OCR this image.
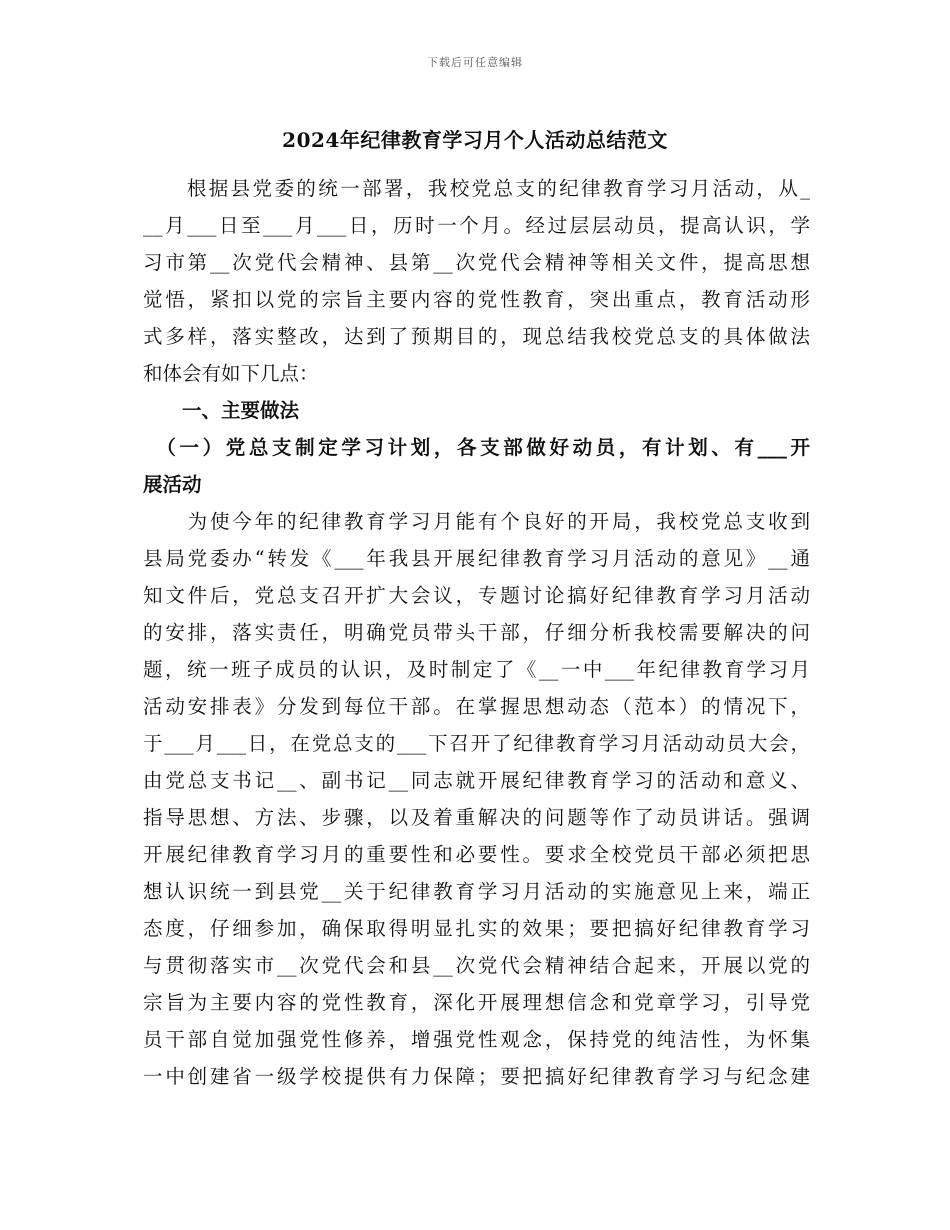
下载后可任意编辑
2024年纪律教育学习月个人活动总结范文
　　根据县党委的统一部署，我校党总支的纪律教育学习月活动，从_
__月___日至___月___日，历时一个月。经过层层动员，提高认识，学
习市第__次党代会精神、县第__次党代会精神等相关文件，提高思想
觉悟，紧扣以党的宗旨主要内容的党性教育，突出重点，教育活动形
式多样，落实整改，达到了预期目的，现总结我校党总支的具体做法
和体会有如下几点：
　　一、主要做法
　（一）党总支制定学习计划，各支部做好动员，有计划、有___开
展活动
　　为使今年的纪律教育学习月能有个良好的开局，我校党总支收到
县局党委办“转发《___年我县开展纪律教育学习月活动的意见》__通
知文件后，党总支召开扩大会议，专题讨论搞好纪律教育学习月活动
的安排，落实责任，明确党员带头干部，仔细分析我校需要解决的问
题，统一班子成员的认识，及时制定了《__一中___年纪律教育学习月
活动安排表》分发到每位干部。在掌握思想动态（范本）的情况下，
于___月___日，在党总支的___下召开了纪律教育学习月活动动员大会，
由党总支书记__、副书记__同志就开展纪律教育学习的活动和意义、
指导思想、方法、步骤，以及着重解决的问题等作了动员讲话。强调
开展纪律教育学习月的重要性和必要性。要求全校党员干部必须把思
想认识统一到县党__关于纪律教育学习月活动的实施意见上来，端正
态度，仔细参加，确保取得明显扎实的效果；要把搞好纪律教育学习
与贯彻落实市__次党代会和县__次党代会精神结合起来，开展以党的
宗旨为主要内容的党性教育，深化开展理想信念和党章学习，引导党
员干部自觉加强党性修养，增强党性观念，保持党的纯洁性，为怀集
一中创建省一级学校提供有力保障；要把搞好纪律教育学习与纪念建
